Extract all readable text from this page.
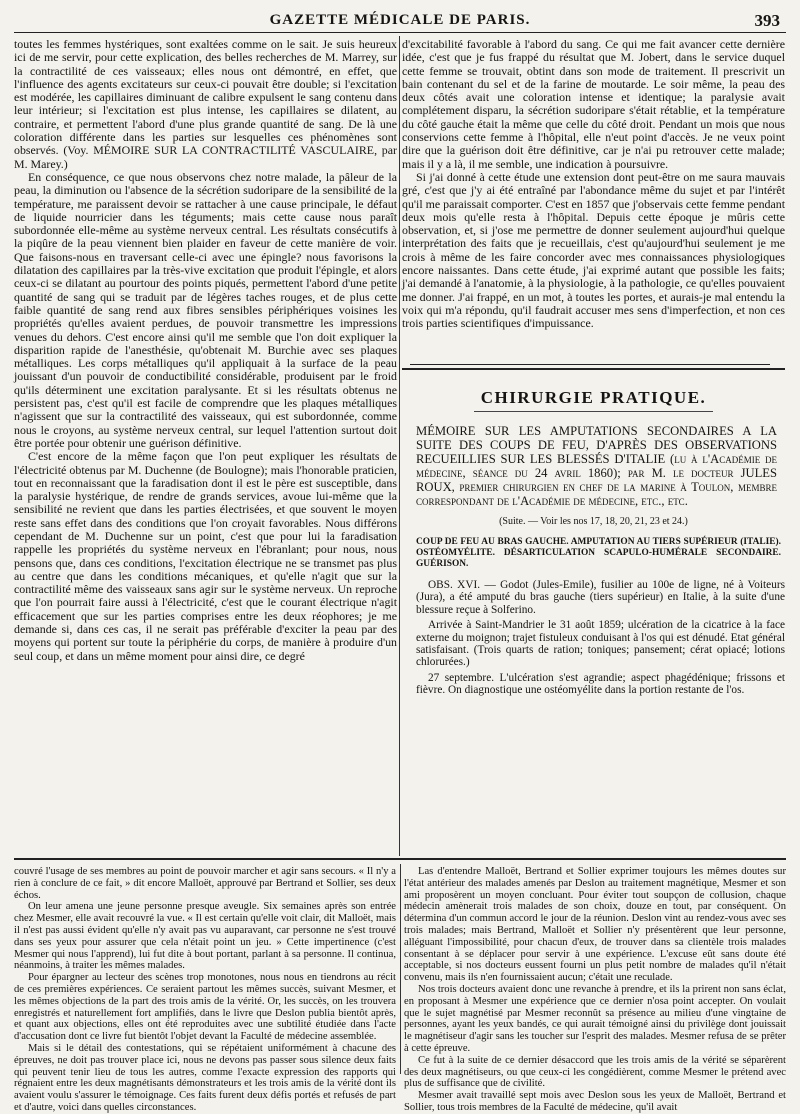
GAZETTE MÉDICALE DE PARIS.	393

toutes les femmes hystériques, sont exaltées comme on le sait. Je suis heureux ici de me servir, pour cette explication, des belles recherches de M. Marrey, sur la contractilité de ces vaisseaux; elles nous ont démontré, en effet, que l'influence des agents excitateurs sur ceux-ci pouvait être double; si l'excitation est modérée, les capillaires diminuant de calibre expulsent le sang contenu dans leur intérieur; si l'excitation est plus intense, les capillaires se dilatent, au contraire, et permettent l'abord d'une plus grande quantité de sang. De là une coloration différente dans les parties sur lesquelles ces phénomènes sont observés. (Voy. MÉMOIRE SUR LA CONTRACTILITÉ VASCULAIRE, par M. Marey.)

En conséquence, ce que nous observons chez notre malade, la pâleur de la peau, la diminution ou l'absence de la sécrétion sudoripare de la sensibilité de la température, me paraissent devoir se rattacher à une cause principale, le défaut de liquide nourricier dans les téguments; mais cette cause nous paraît subordonnée elle-même au système nerveux central. Les résultats consécutifs à la piqûre de la peau viennent bien plaider en faveur de cette manière de voir. Que faisons-nous en traversant celle-ci avec une épingle? nous favorisons la dilatation des capillaires par la très-vive excitation que produit l'épingle, et alors ceux-ci se dilatant au pourtour des points piqués, permettent l'abord d'une petite quantité de sang qui se traduit par de légères taches rouges, et de plus cette faible quantité de sang rend aux fibres sensibles périphériques voisines les propriétés qu'elles avaient perdues, de pouvoir transmettre les impressions venues du dehors. C'est encore ainsi qu'il me semble que l'on doit expliquer la disparition rapide de l'anesthésie, qu'obtenait M. Burchie avec ses plaques métalliques. Les corps métalliques qu'il appliquait à la surface de la peau jouissant d'un pouvoir de conductibilité considérable, produisent par le froid qu'ils déterminent une excitation paralysante. Et si les résultats obtenus ne persistent pas, c'est qu'il est facile de comprendre que les plaques métalliques n'agissent que sur la contractilité des vaisseaux, qui est subordonnée, comme nous le croyons, au système nerveux central, sur lequel l'attention surtout doit être portée pour obtenir une guérison définitive.

C'est encore de la même façon que l'on peut expliquer les résultats de l'électricité obtenus par M. Duchenne (de Boulogne); mais l'honorable praticien, tout en reconnaissant que la faradisation dont il est le père est susceptible, dans la paralysie hystérique, de rendre de grands services, avoue lui-même que la sensibilité ne revient que dans les parties électrisées, et que souvent le moyen reste sans effet dans des conditions que l'on croyait favorables. Nous différons cependant de M. Duchenne sur un point, c'est que pour lui la faradisation rappelle les propriétés du système nerveux en l'ébranlant; pour nous, nous pensons que, dans ces conditions, l'excitation électrique ne se transmet pas plus au centre que dans les conditions mécaniques, et qu'elle n'agit que sur la contractilité même des vaisseaux sans agir sur le système nerveux. Un reproche que l'on pourrait faire aussi à l'électricité, c'est que le courant électrique n'agit efficacement que sur les parties comprises entre les deux réophores; je me demande si, dans ces cas, il ne serait pas préférable d'exciter la peau par des moyens qui portent sur toute la périphérie du corps, de manière à produire d'un seul coup, et dans un même moment pour ainsi dire, ce degré

d'excitabilité favorable à l'abord du sang. Ce qui me fait avancer cette dernière idée, c'est que je fus frappé du résultat que M. Jobert, dans le service duquel cette femme se trouvait, obtint dans son mode de traitement. Il prescrivit un bain contenant du sel et de la farine de moutarde. Le soir même, la peau des deux côtés avait une coloration intense et identique; la paralysie avait complétement disparu, la sécrétion sudoripare s'était rétablie, et la température du côté gauche était la même que celle du côté droit. Pendant un mois que nous conservions cette femme à l'hôpital, elle n'eut point d'accès. Je ne veux point dire que la guérison doit être définitive, car je n'ai pu retrouver cette malade; mais il y a là, il me semble, une indication à poursuivre.

Si j'ai donné à cette étude une extension dont peut-être on me saura mauvais gré, c'est que j'y ai été entraîné par l'abondance même du sujet et par l'intérêt qu'il me paraissait comporter. C'est en 1857 que j'observais cette femme pendant deux mois qu'elle resta à l'hôpital. Depuis cette époque je mûris cette observation, et, si j'ose me permettre de donner seulement aujourd'hui quelque interprétation des faits que je recueillais, c'est qu'aujourd'hui seulement je me crois à même de les faire concorder avec mes connaissances physiologiques encore naissantes. Dans cette étude, j'ai exprimé autant que possible les faits; j'ai demandé à l'anatomie, à la physiologie, à la pathologie, ce qu'elles pouvaient me donner. J'ai frappé, en un mot, à toutes les portes, et aurais-je mal entendu la voix qui m'a répondu, qu'il faudrait accuser mes sens d'imperfection, et non ces trois parties scientifiques d'impuissance.

CHIRURGIE PRATIQUE.
MÉMOIRE SUR LES AMPUTATIONS SECONDAIRES A LA SUITE DES COUPS DE FEU, D'APRÈS DES OBSERVATIONS RECUEILLIES SUR LES BLESSÉS D'ITALIE (lu à l'Académie de médecine, séance du 24 avril 1860); par M. le docteur JULES ROUX, premier chirurgien en chef de la marine à Toulon, membre correspondant de l'Académie de médecine, etc., etc.
(Suite. — Voir les nos 17, 18, 20, 21, 23 et 24.)
COUP DE FEU AU BRAS GAUCHE. AMPUTATION AU TIERS SUPÉRIEUR (ITALIE). OSTÉOMYÉLITE. DÉSARTICULATION SCAPULO-HUMÉRALE SECONDAIRE. GUÉRISON.

OBS. XVI. — Godot (Jules-Emile), fusilier au 100e de ligne, né à Voiteurs (Jura), a été amputé du bras gauche (tiers supérieur) en Italie, à la suite d'une blessure reçue à Solferino.

Arrivée à Saint-Mandrier le 31 août 1859; ulcération de la cicatrice à la face externe du moignon; trajet fistuleux conduisant à l'os qui est dénudé. Etat général satisfaisant. (Trois quarts de ration; toniques; pansement; cérat opiacé; lotions chlorurées.)

27 septembre. L'ulcération s'est agrandie; aspect phagédénique; frissons et fièvre. On diagnostique une ostéomyélite dans la portion restante de l'os.

couvré l'usage de ses membres au point de pouvoir marcher et agir sans secours. « Il n'y a rien à conclure de ce fait, » dit encore Malloët, approuvé par Bertrand et Sollier, ses deux échos.

On leur amena une jeune personne presque aveugle. Six semaines après son entrée chez Mesmer, elle avait recouvré la vue. « Il est certain qu'elle voit clair, dit Malloët, mais il n'est pas aussi évident qu'elle n'y avait pas vu auparavant, car personne ne s'est trouvé dans ses yeux pour assurer que cela n'était point un jeu. » Cette impertinence (c'est Mesmer qui nous l'apprend), lui fut dite à bout portant, parlant à sa personne. Il continua, néanmoins, à traiter les mêmes malades.

Pour épargner au lecteur des scènes trop monotones, nous nous en tiendrons au récit de ces premières expériences. Ce seraient partout les mêmes succès, suivant Mesmer, et les mêmes objections de la part des trois amis de la vérité. Or, les succès, on les trouvera enregistrés et naturellement fort amplifiés, dans le livre que Deslon publia bientôt après, et quant aux objections, elles ont été reproduites avec une subtilité étudiée dans l'acte d'accusation dont ce livre fut bientôt l'objet devant la Faculté de médecine assemblée.

Mais si le détail des contestations, qui se répétaient uniformément à chacune des épreuves, ne doit pas trouver place ici, nous ne devons pas passer sous silence deux faits qui peuvent tenir lieu de tous les autres, comme l'exacte expression des rapports qui régnaient entre les deux magnétisants démonstrateurs et les trois amis de la vérité dont ils avaient voulu s'assurer le témoignage. Ces faits furent deux défis portés et refusés de part et d'autre, voici dans quelles circonstances.

Las d'entendre Malloët, Bertrand et Sollier exprimer toujours les mêmes doutes sur l'état antérieur des malades amenés par Deslon au traitement magnétique, Mesmer et son ami proposèrent un moyen concluant. Pour éviter tout soupçon de collusion, chaque médecin amènerait trois malades de son choix, douze en tout, par conséquent. On détermina d'un commun accord le jour de la réunion. Deslon vint au rendez-vous avec ses trois malades; mais Bertrand, Malloët et Sollier n'y présentèrent que leur personne, alléguant l'impossibilité, pour chacun d'eux, de trouver dans sa clientèle trois malades consentant à se déplacer pour servir à une expérience. L'excuse eût sans doute été acceptable, si nos docteurs eussent fourni un plus petit nombre de malades qu'il n'était convenu, mais ils n'en fournissaient aucun; c'était une reculade.

Nos trois docteurs avaient donc une revanche à prendre, et ils la prirent non sans éclat, en proposant à Mesmer une expérience que ce dernier n'osa point accepter. On voulait que le sujet magnétisé par Mesmer reconnût sa présence au milieu d'une vingtaine de personnes, ayant les yeux bandés, ce qui aurait témoigné ainsi du privilège dont jouissait le magnétiseur d'agir sans les toucher sur l'esprit des malades. Mesmer refusa de se prêter à cette épreuve.

Ce fut à la suite de ce dernier désaccord que les trois amis de la vérité se séparèrent des deux magnétiseurs, ou que ceux-ci les congédièrent, comme Mesmer le prétend avec plus de suffisance que de civilité.

Mesmer avait travaillé sept mois avec Deslon sous les yeux de Malloët, Bertrand et Sollier, tous trois membres de la Faculté de médecine, qu'il avait
